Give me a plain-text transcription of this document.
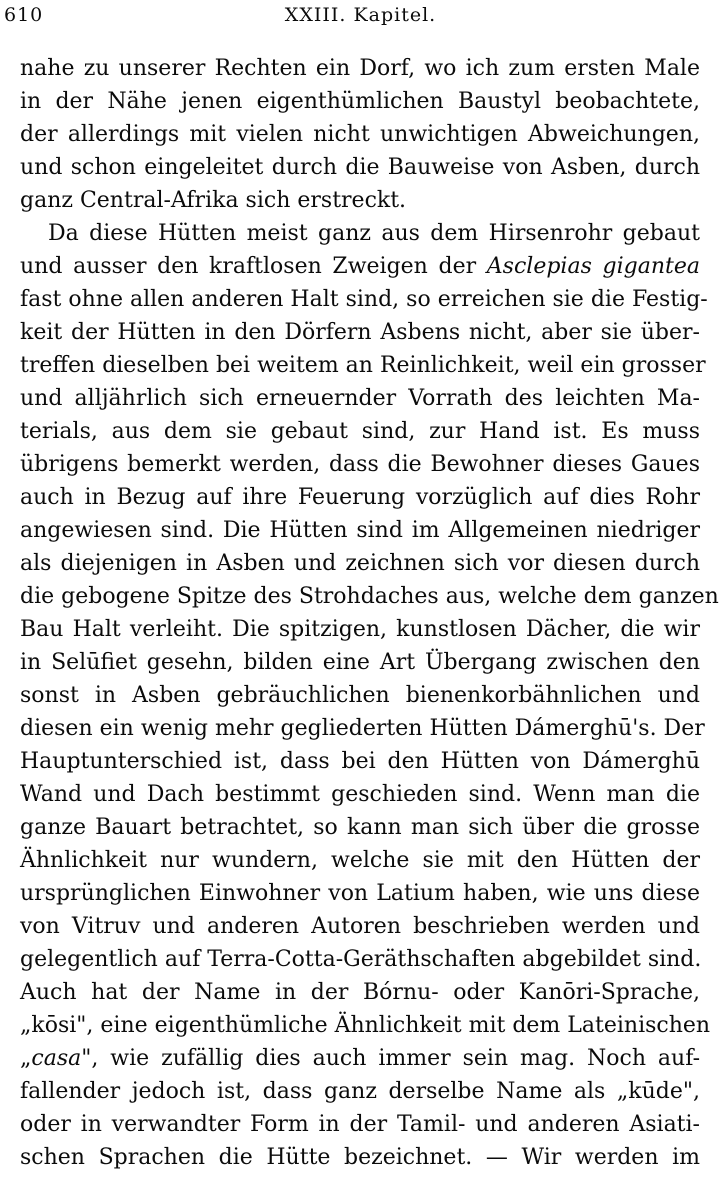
610	XXIII. Kapitel.
nahe zu unserer Rechten ein Dorf, wo ich zum ersten Male
in der Nähe jenen eigenthümlichen Baustyl beobachtete,
der allerdings mit vielen nicht unwichtigen Abweichungen,
und schon eingeleitet durch die Bauweise von Asben, durch
ganz Central-Afrika sich erstreckt.
Da diese Hütten meist ganz aus dem Hirsenrohr gebaut
und ausser den kraftlosen Zweigen der Asclepias gigantea
fast ohne allen anderen Halt sind, so erreichen sie die Festig-
keit der Hütten in den Dörfern Asbens nicht, aber sie über-
treffen dieselben bei weitem an Reinlichkeit, weil ein grosser
und alljährlich sich erneuernder Vorrath des leichten Ma-
terials, aus dem sie gebaut sind, zur Hand ist. Es muss
übrigens bemerkt werden, dass die Bewohner dieses Gaues
auch in Bezug auf ihre Feuerung vorzüglich auf dies Rohr
angewiesen sind. Die Hütten sind im Allgemeinen niedriger
als diejenigen in Asben und zeichnen sich vor diesen durch
die gebogene Spitze des Strohdaches aus, welche dem ganzen
Bau Halt verleiht. Die spitzigen, kunstlosen Dächer, die wir
in Selūfiet gesehn, bilden eine Art Übergang zwischen den
sonst in Asben gebräuchlichen bienenkorbähnlichen und
diesen ein wenig mehr gegliederten Hütten Dámerghū's. Der
Hauptunterschied ist, dass bei den Hütten von Dámerghū
Wand und Dach bestimmt geschieden sind. Wenn man die
ganze Bauart betrachtet, so kann man sich über die grosse
Ähnlichkeit nur wundern, welche sie mit den Hütten der
ursprünglichen Einwohner von Latium haben, wie uns diese
von Vitruv und anderen Autoren beschrieben werden und
gelegentlich auf Terra-Cotta-Geräthschaften abgebildet sind.
Auch hat der Name in der Bórnu- oder Kanōri-Sprache,
„kōsi", eine eigenthümliche Ähnlichkeit mit dem Lateinischen
„casa", wie zufällig dies auch immer sein mag. Noch auf-
fallender jedoch ist, dass ganz derselbe Name als „kūde",
oder in verwandter Form in der Tamil- und anderen Asiati-
schen Sprachen die Hütte bezeichnet. — Wir werden im
